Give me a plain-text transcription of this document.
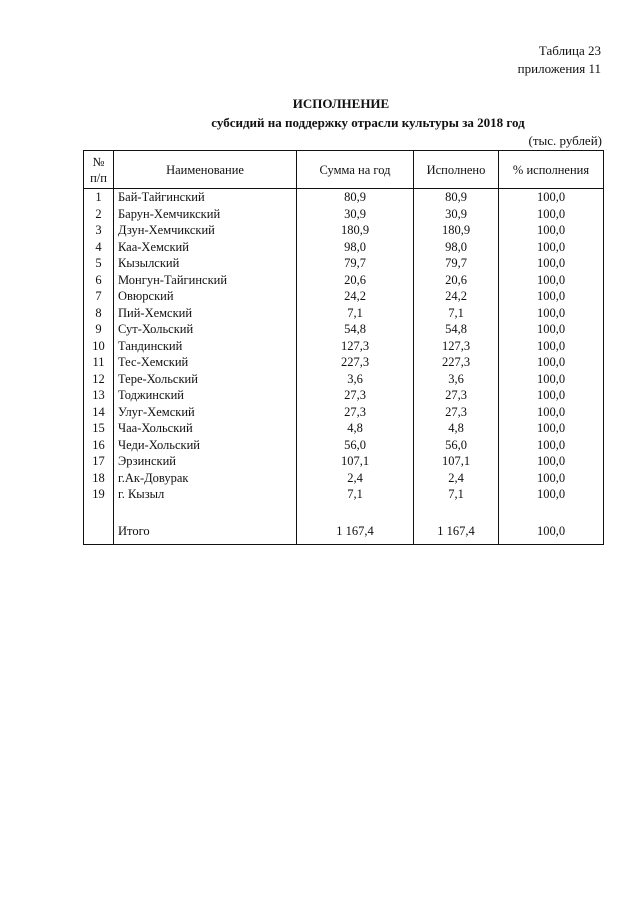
Таблица 23
приложения 11
ИСПОЛНЕНИЕ
субсидий на поддержку отрасли культуры за 2018 год
(тыс. рублей)
№
п/п	Наименование	Сумма на год	Исполнено	% исполнения
1	Бай-Тайгинский	80,9	80,9	100,0
2	Барун-Хемчикский	30,9	30,9	100,0
3	Дзун-Хемчикский	180,9	180,9	100,0
4	Каа-Хемский	98,0	98,0	100,0
5	Кызылский	79,7	79,7	100,0
6	Монгун-Тайгинский	20,6	20,6	100,0
7	Овюрский	24,2	24,2	100,0
8	Пий-Хемский	7,1	7,1	100,0
9	Сут-Хольский	54,8	54,8	100,0
10	Тандинский	127,3	127,3	100,0
11	Тес-Хемский	227,3	227,3	100,0
12	Тере-Хольский	3,6	3,6	100,0
13	Тоджинский	27,3	27,3	100,0
14	Улуг-Хемский	27,3	27,3	100,0
15	Чаа-Хольский	4,8	4,8	100,0
16	Чеди-Хольский	56,0	56,0	100,0
17	Эрзинский	107,1	107,1	100,0
18	г.Ак-Довурак	2,4	2,4	100,0
19	г. Кызыл	7,1	7,1	100,0

	Итого	1 167,4	1 167,4	100,0
